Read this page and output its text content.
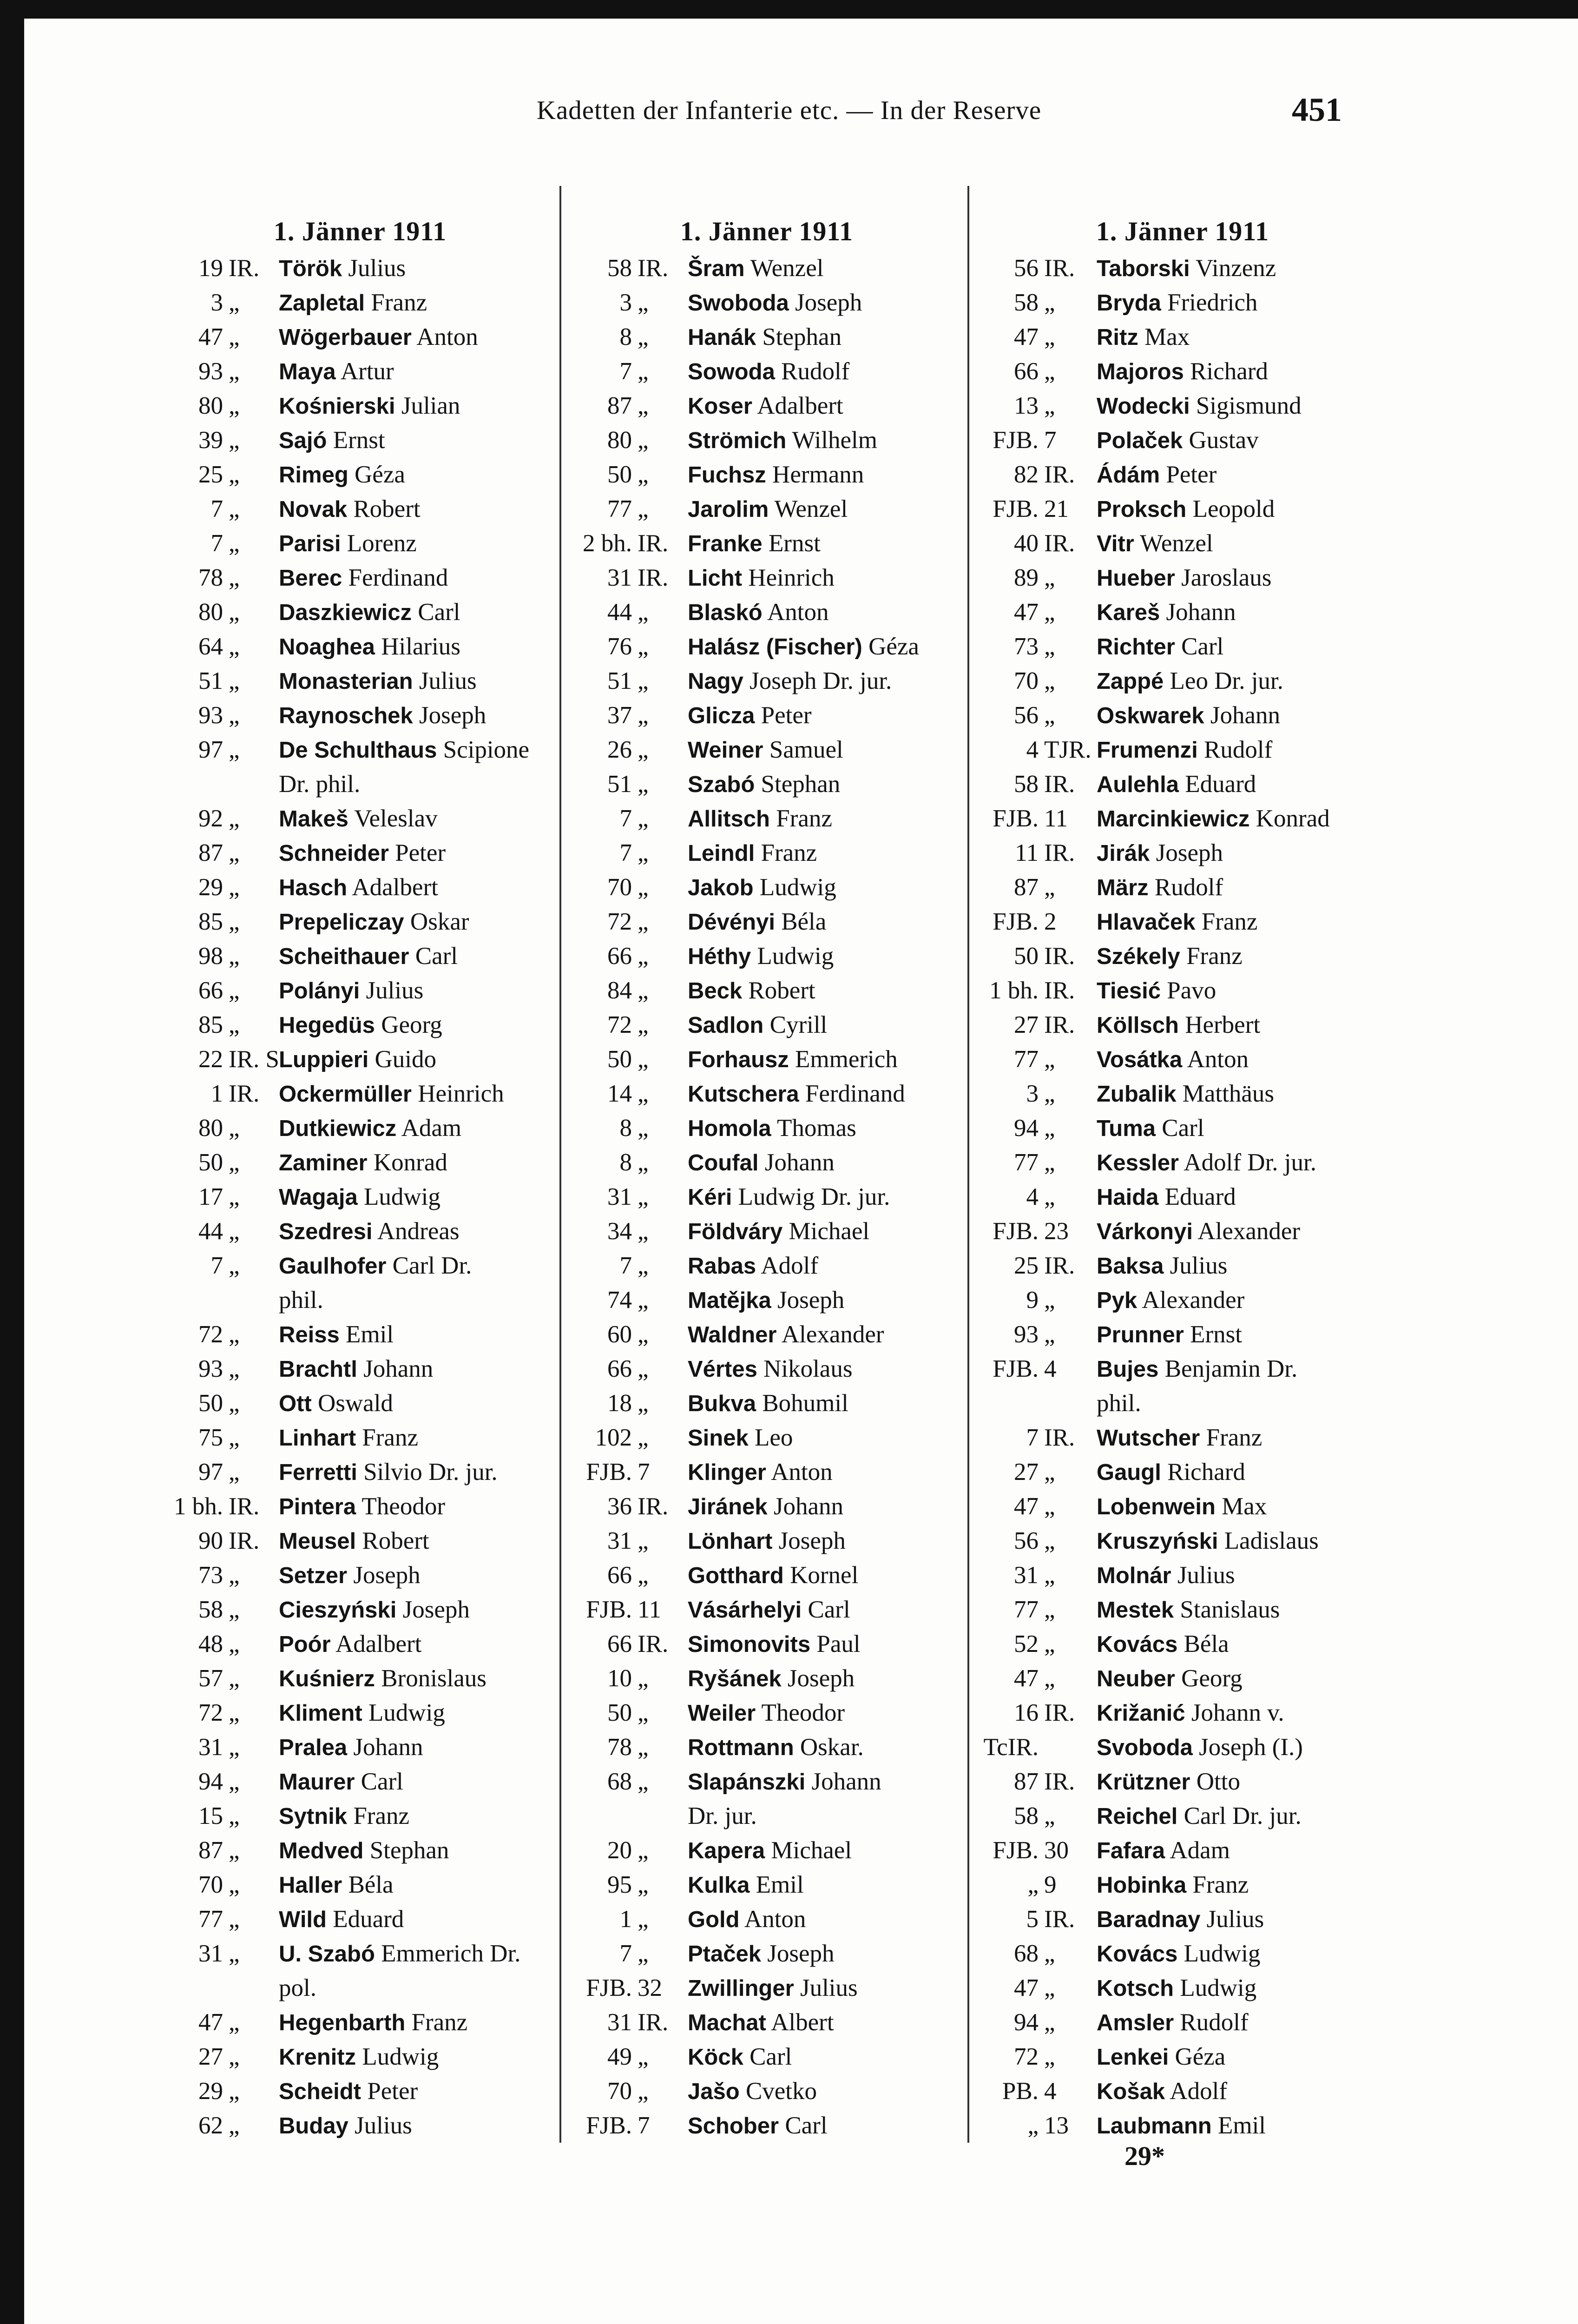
Kadetten der Infanterie etc. — In der Reserve	451
1. Jänner 1911
19 IR. Török Julius
3 „ Zapletal Franz
47 „ Wögerbauer Anton
93 „ Maya Artur
80 „ Kośnierski Julian
39 „ Sajó Ernst
25 „ Rimeg Géza
7 „ Novak Robert
7 „ Parisi Lorenz
78 „ Berec Ferdinand
80 „ Daszkiewicz Carl
64 „ Noaghea Hilarius
51 „ Monasterian Julius
93 „ Raynoschek Joseph
97 „ De Schulthaus Scipione
Dr. phil.
92 „ Makeš Veleslav
87 „ Schneider Peter
29 „ Hasch Adalbert
85 „ Prepeliczay Oskar
98 „ Scheithauer Carl
66 „ Polányi Julius
85 „ Hegedüs Georg
22 IR. S.Luppieri Guido
1 IR. Ockermüller Heinrich
80 „ Dutkiewicz Adam
50 „ Zaminer Konrad
17 „ Wagaja Ludwig
44 „ Szedresi Andreas
7 „ Gaulhofer Carl Dr.
phil.
72 „ Reiss Emil
93 „ Brachtl Johann
50 „ Ott Oswald
75 „ Linhart Franz
97 „ Ferretti Silvio Dr. jur.
1 bh. IR. Pintera Theodor
90 IR. Meusel Robert
73 „ Setzer Joseph
58 „ Cieszyński Joseph
48 „ Poór Adalbert
57 „ Kuśnierz Bronislaus
72 „ Kliment Ludwig
31 „ Pralea Johann
94 „ Maurer Carl
15 „ Sytnik Franz
87 „ Medved Stephan
70 „ Haller Béla
77 „ Wild Eduard
31 „ U. Szabó Emmerich Dr.
pol.
47 „ Hegenbarth Franz
27 „ Krenitz Ludwig
29 „ Scheidt Peter
62 „ Buday Julius
1. Jänner 1911
58 IR. Šram Wenzel
3 „ Swoboda Joseph
8 „ Hanák Stephan
7 „ Sowoda Rudolf
87 „ Koser Adalbert
80 „ Strömich Wilhelm
50 „ Fuchsz Hermann
77 „ Jarolim Wenzel
2 bh. IR. Franke Ernst
31 IR. Licht Heinrich
44 „ Blaskó Anton
76 „ Halász (Fischer) Géza
51 „ Nagy Joseph Dr. jur.
37 „ Glicza Peter
26 „ Weiner Samuel
51 „ Szabó Stephan
7 „ Allitsch Franz
7 „ Leindl Franz
70 „ Jakob Ludwig
72 „ Dévényi Béla
66 „ Héthy Ludwig
84 „ Beck Robert
72 „ Sadlon Cyrill
50 „ Forhausz Emmerich
14 „ Kutschera Ferdinand
8 „ Homola Thomas
8 „ Coufal Johann
31 „ Kéri Ludwig Dr. jur.
34 „ Földváry Michael
7 „ Rabas Adolf
74 „ Matějka Joseph
60 „ Waldner Alexander
66 „ Vértes Nikolaus
18 „ Bukva Bohumil
102 „ Sinek Leo
FJB. 7 Klinger Anton
36 IR. Jiránek Johann
31 „ Lönhart Joseph
66 „ Gotthard Kornel
FJB. 11 Vásárhelyi Carl
66 IR. Simonovits Paul
10 „ Ryšánek Joseph
50 „ Weiler Theodor
78 „ Rottmann Oskar.
68 „ Slapánszki Johann
Dr. jur.
20 „ Kapera Michael
95 „ Kulka Emil
1 „ Gold Anton
7 „ Ptaček Joseph
FJB. 32 Zwillinger Julius
31 IR. Machat Albert
49 „ Köck Carl
70 „ Jašo Cvetko
FJB. 7 Schober Carl
1. Jänner 1911
56 IR. Taborski Vinzenz
58 „ Bryda Friedrich
47 „ Ritz Max
66 „ Majoros Richard
13 „ Wodecki Sigismund
FJB. 7 Polaček Gustav
82 IR. Ádám Peter
FJB. 21 Proksch Leopold
40 IR. Vitr Wenzel
89 „ Hueber Jaroslaus
47 „ Kareš Johann
73 „ Richter Carl
70 „ Zappé Leo Dr. jur.
56 „ Oskwarek Johann
4 TJR. Frumenzi Rudolf
58 IR. Aulehla Eduard
FJB. 11 Marcinkiewicz Konrad
11 IR. Jirák Joseph
87 „ März Rudolf
FJB. 2 Hlavaček Franz
50 IR. Székely Franz
1 bh. IR. Tiesić Pavo
27 IR. Köllsch Herbert
77 „ Vosátka Anton
3 „ Zubalik Matthäus
94 „ Tuma Carl
77 „ Kessler Adolf Dr. jur.
4 „ Haida Eduard
FJB. 23 Várkonyi Alexander
25 IR. Baksa Julius
9 „ Pyk Alexander
93 „ Prunner Ernst
FJB. 4 Bujes Benjamin Dr.
phil.
7 IR. Wutscher Franz
27 „ Gaugl Richard
47 „ Lobenwein Max
56 „ Kruszyński Ladislaus
31 „ Molnár Julius
77 „ Mestek Stanislaus
52 „ Kovács Béla
47 „ Neuber Georg
16 IR. Križanić Johann v.
TcIR.	Svoboda Joseph (I.)
87 IR. Krützner Otto
58 „ Reichel Carl Dr. jur.
FJB. 30 Fafara Adam
„ 9 Hobinka Franz
5 IR. Baradnay Julius
68 „ Kovács Ludwig
47 „ Kotsch Ludwig
94 „ Amsler Rudolf
72 „ Lenkei Géza
PB. 4 Košak Adolf
„ 13 Laubmann Emil
29*
